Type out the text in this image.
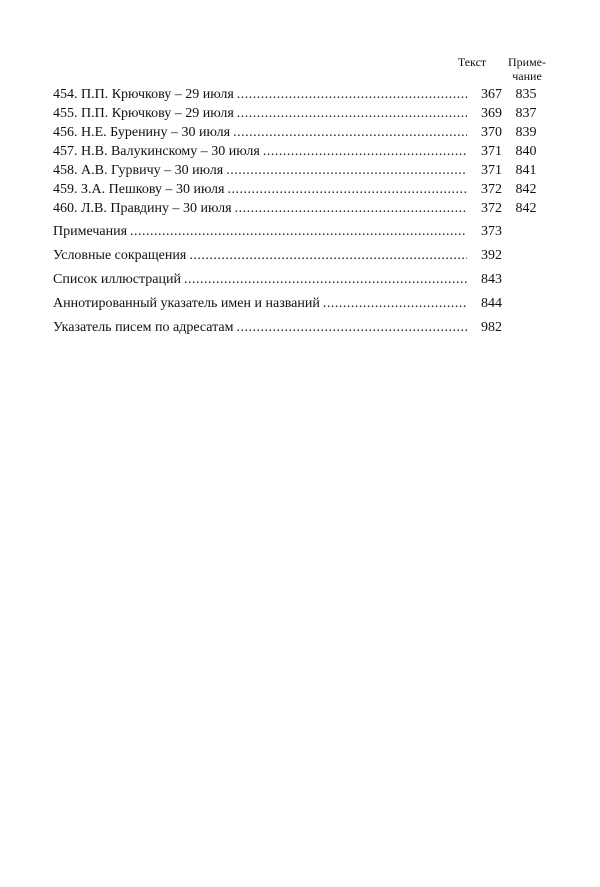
Текст	Приме-
чание
454. П.П. Крючкову – 29 июля .....	367 835
455. П.П. Крючкову – 29 июля .....	369 837
456. Н.Е. Буренину – 30 июля .....	370 839
457. Н.В. Валукинскому – 30 июля .....	371 840
458. А.В. Гурвичу – 30 июля .....	371 841
459. З.А. Пешкову – 30 июля .....	372 842
460. Л.В. Правдину – 30 июля .....	372 842
Примечания .....	373
Условные сокращения .....	392
Список иллюстраций .....	843
Аннотированный указатель имен и названий .....	844
Указатель писем по адресатам .....	982
